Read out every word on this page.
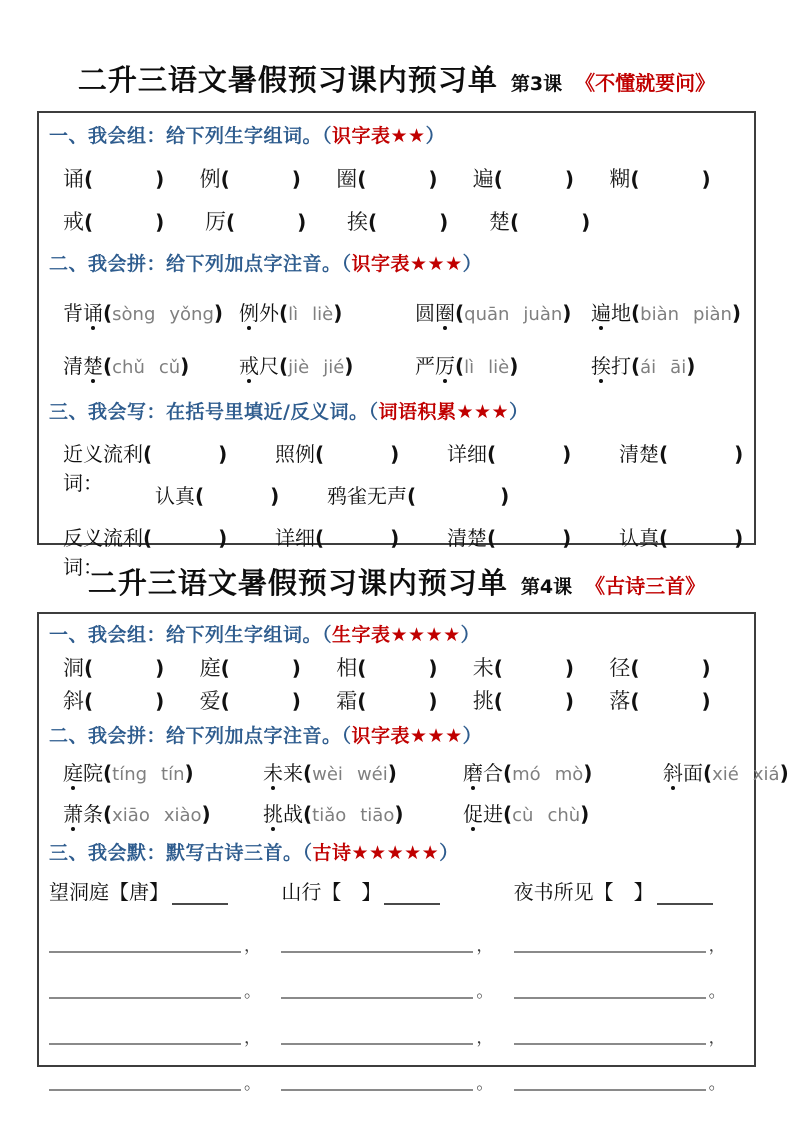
二升三语文暑假预习课内预习单 第3课 《不懂就要问》
一、我会组：给下列生字组词。（识字表★★）
诵 (	) 例 (	) 圈 (	) 遍 (	) 糊 (	)
戒 (	) 厉 (	) 挨 (	) 楚 (	)
二、我会拼：给下列加点字注音。（识字表★★★）
背诵(sòng yǒng) 例外(lì liè)	圆圈(quān juàn) 遍地(biàn piàn)
清楚(chǔ cǔ)	戒尺(jiè jié)	严厉(lì liè)	挨打(ái āi)
三、我会写：在括号里填近/反义词。（词语积累★★★）
近义词：
流利 (	) 照例 (	) 详细 (	) 清楚 (	)
认真 (	) 鸦雀无声 (	)
反义词：
流利 (	) 详细 (	) 清楚 (	) 认真 (	)
二升三语文暑假预习课内预习单 第4课 《古诗三首》
一、我会组：给下列生字组词。（生字表★★★★）
洞 (	) 庭 (	) 相 (	) 未 (	) 径 (	)
斜 (	) 爱 (	) 霜 (	) 挑 (	) 落 (	)
二、我会拼：给下列加点字注音。（识字表★★★）
庭院(tíng tín)	未来(wèi wéi)	磨合(mó mò)	斜面(xié xiá)
萧条(xiāo xiào)	挑战(tiǎo tiāo)	促进(cù chù)
三、我会默：默写古诗三首。（古诗★★★★★）
望洞庭 【唐】	山行 【　】	夜书所见 【　】
，	，	，
。	。	。
，	，	，
。	。	。
